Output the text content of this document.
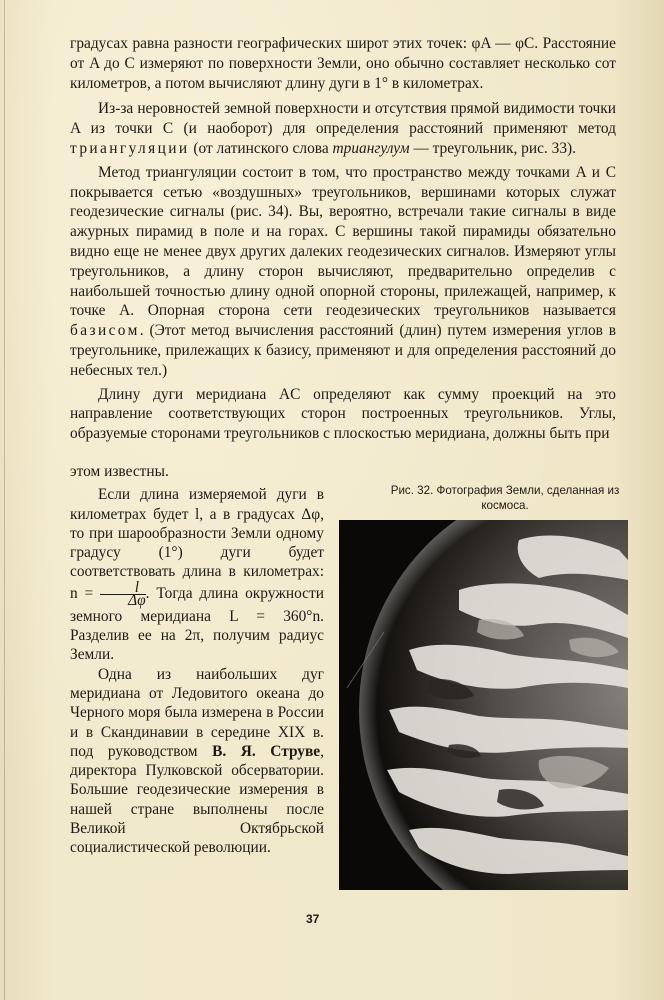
градусах равна разности географических широт этих точек: φA — φC. Расстояние от A до C измеряют по поверхности Земли, оно обычно составляет несколько сот километров, а потом вычисляют длину дуги в 1° в километрах.

Из-за неровностей земной поверхности и отсутствия прямой видимости точки A из точки C (и наоборот) для определения расстояний применяют метод триангуляции (от латинского слова триангулум — треугольник, рис. 33).

Метод триангуляции состоит в том, что пространство между точками A и C покрывается сетью «воздушных» треугольников, вершинами которых служат геодезические сигналы (рис. 34). Вы, вероятно, встречали такие сигналы в виде ажурных пирамид в поле и на горах. С вершины такой пирамиды обязательно видно еще не менее двух других далеких геодезических сигналов. Измеряют углы треугольников, а длину сторон вычисляют, предварительно определив с наибольшей точностью длину одной опорной стороны, прилежащей, например, к точке A. Опорная сторона сети геодезических треугольников называется базисом. (Этот метод вычисления расстояний (длин) путем измерения углов в треугольнике, прилежащих к базису, применяют и для определения расстояний до небесных тел.)

Длину дуги меридиана AC определяют как сумму проекций на это направление соответствующих сторон построенных треугольников. Углы, образуемые сторонами треугольников с плоскостью меридиана, должны быть при

этом известны.

Если длина измеряемой дуги в километрах будет l, а в градусах Δφ, то при шарообразности Земли одному градусу (1°) дуги будет соответствовать длина в километрах: $n = \frac{l}{\Delta\varphi}$ . Тогда длина окружности земного меридиана L = 360°n. Разделив ее на 2π, получим радиус Земли.

Одна из наибольших дуг меридиана от Ледовитого океана до Черного моря была измерена в России и в Скандинавии в середине XIX в. под руководством В. Я. Струве, директора Пулковской обсерватории. Большие геодезические измерения в нашей стране выполнены после Великой Октябрьской социалистической революции.

Рис. 32. Фотография Земли, сделанная из космоса.
37
